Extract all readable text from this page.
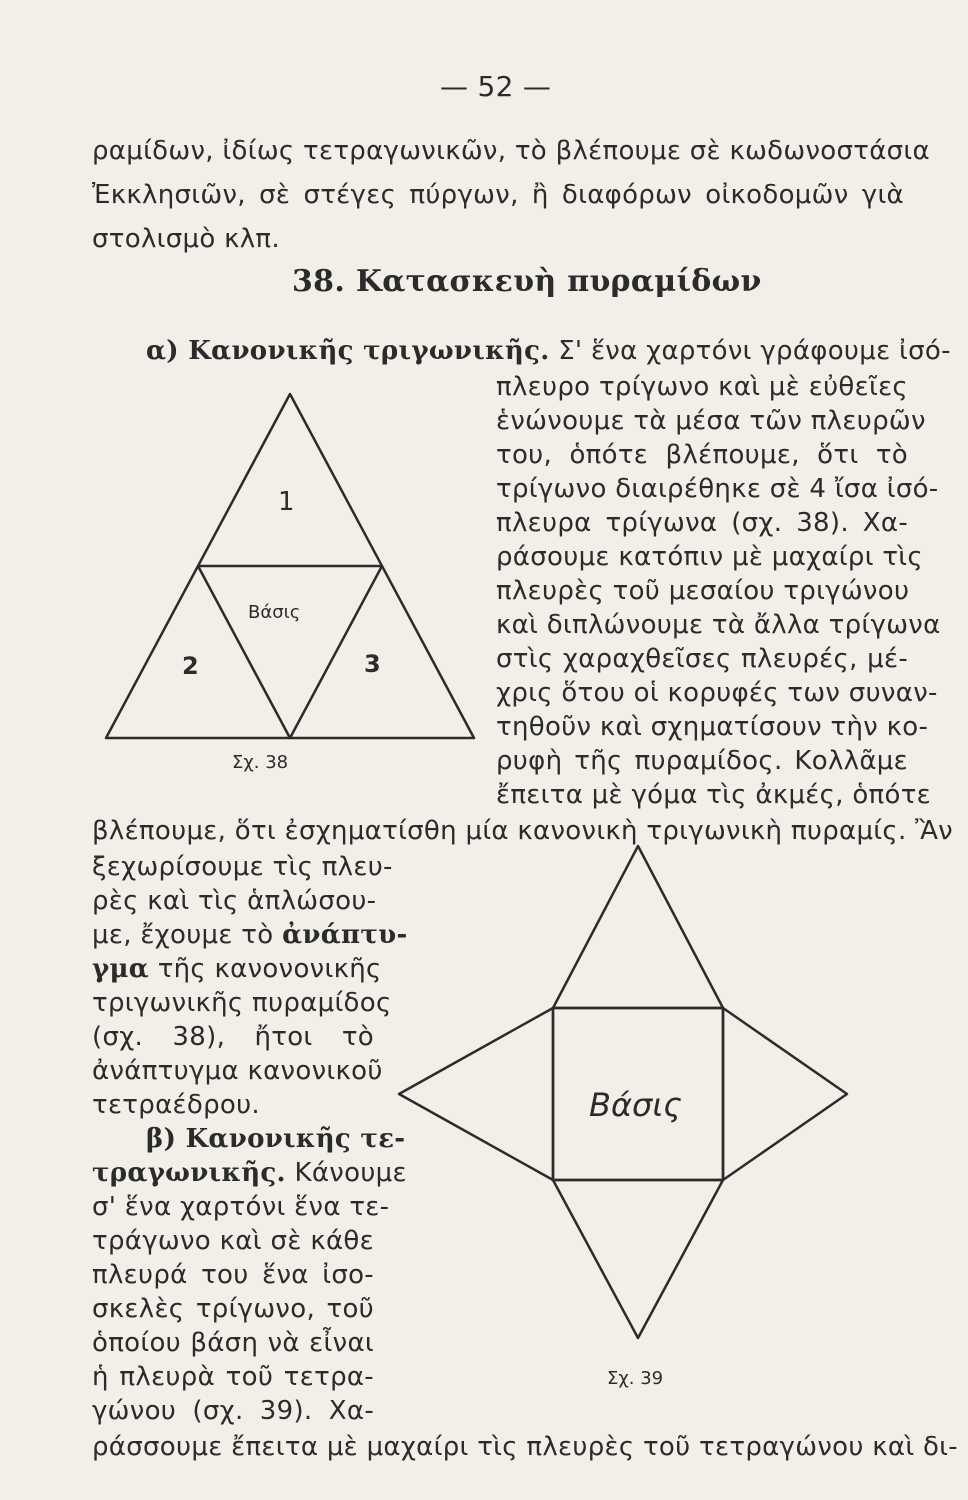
— 52 —
ραμίδων, ἰδίως τετραγωνικῶν, τὸ βλέπουμε σὲ κωδωνοστάσια
Ἐκκλησιῶν, σὲ στέγες πύργων, ἢ διαφόρων οἰκοδομῶν γιὰ
στολισμὸ κλπ.
38. Κατασκευὴ πυραμίδων
α) Κανονικῆς τριγωνικῆς. Σ' ἕνα χαρτόνι γράφουμε ἰσό-
πλευρο τρίγωνο καὶ μὲ εὐθεῖες
ἑνώνουμε τὰ μέσα τῶν πλευρῶν
του, ὁπότε βλέπουμε, ὅτι τὸ
τρίγωνο διαιρέθηκε σὲ 4 ἴσα ἰσό-
πλευρα τρίγωνα (σχ. 38). Χα-
ράσουμε κατόπιν μὲ μαχαίρι τὶς
πλευρὲς τοῦ μεσαίου τριγώνου
καὶ διπλώνουμε τὰ ἄλλα τρίγωνα
στὶς χαραχθεῖσες πλευρές, μέ-
χρις ὅτου οἱ κορυφές των συναν-
τηθοῦν καὶ σχηματίσουν τὴν κο-
ρυφὴ τῆς πυραμίδος. Κολλᾶμε
ἔπειτα μὲ γόμα τὶς ἀκμές, ὁπότε
βλέπουμε, ὅτι ἐσχηματίσθη μία κανονικὴ τριγωνικὴ πυραμίς. Ἂν
ξεχωρίσουμε τὶς πλευ-
ρὲς καὶ τὶς ἁπλώσου-
με, ἔχουμε τὸ ἀνάπτυ-
γμα τῆς κανονονικῆς
τριγωνικῆς πυραμίδος
(σχ. 38), ἤτοι τὸ
ἀνάπτυγμα κανονικοῦ
τετραέδρου.
β) Κανονικῆς τε-
τραγωνικῆς. Κάνουμε
σ' ἕνα χαρτόνι ἕνα τε-
τράγωνο καὶ σὲ κάθε
πλευρά του ἕνα ἰσο-
σκελὲς τρίγωνο, τοῦ
ὁποίου βάση νὰ εἶναι
ἡ πλευρὰ τοῦ τετρα-
γώνου (σχ. 39). Χα-
ράσσουμε ἔπειτα μὲ μαχαίρι τὶς πλευρὲς τοῦ τετραγώνου καὶ δι-
1
Βάσις
2	3
Σχ. 38
Βάσις
Σχ. 39
